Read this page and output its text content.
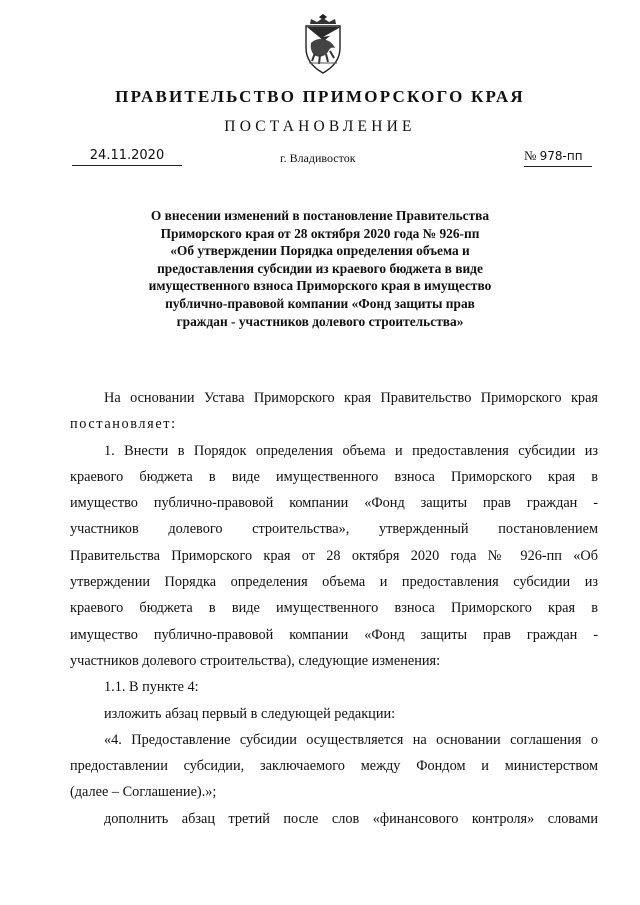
ПРАВИТЕЛЬСТВО ПРИМОРСКОГО КРАЯ
ПОСТАНОВЛЕНИЕ
24.11.2020	г. Владивосток	№ 978-пп
О внесении изменений в постановление Правительства
Приморского края от 28 октября 2020 года № 926-пп
«Об утверждении Порядка определения объема и
предоставления субсидии из краевого бюджета в виде
имущественного взноса Приморского края в имущество
публично-правовой компании «Фонд защиты прав
граждан - участников долевого строительства»

На основании Устава Приморского края Правительство Приморского края постановляет:

1. Внести в Порядок определения объема и предоставления субсидии из

краевого бюджета в виде имущественного взноса Приморского края в

имущество публично-правовой компании «Фонд защиты прав граждан -

участников долевого строительства», утвержденный постановлением

Правительства Приморского края от 28 октября 2020 года № 926-пп «Об

утверждении Порядка определения объема и предоставления субсидии из

краевого бюджета в виде имущественного взноса Приморского края в

имущество публично-правовой компании «Фонд защиты прав граждан -

участников долевого строительства), следующие изменения:

1.1. В пункте 4:

изложить абзац первый в следующей редакции:

«4. Предоставление субсидии осуществляется на основании соглашения о

предоставлении субсидии, заключаемого между Фондом и министерством

(далее – Соглашение).»;

дополнить абзац третий после слов «финансового контроля» словами
